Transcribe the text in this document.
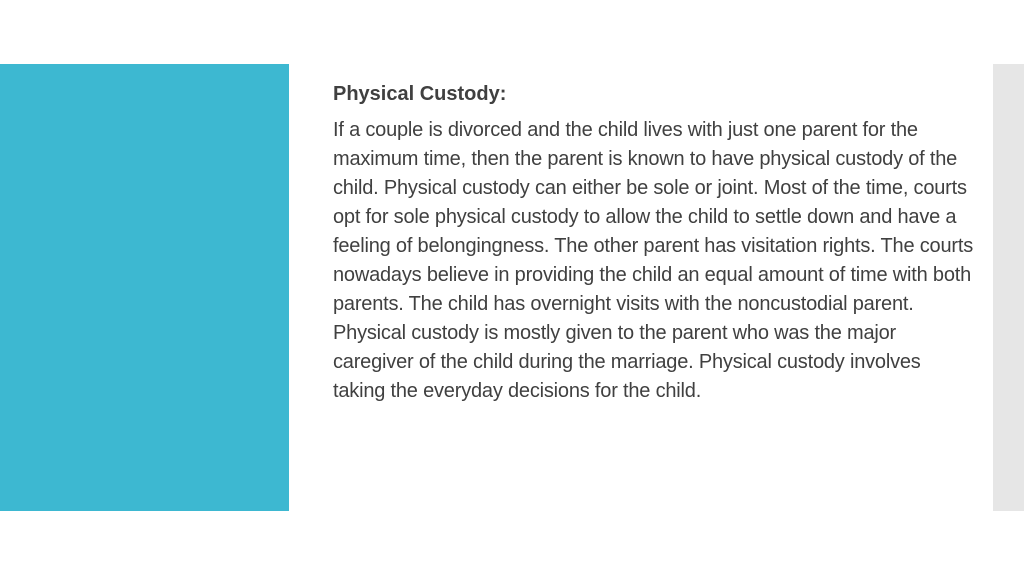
Physical Custody:

If a couple is divorced and the child lives with just one parent for the maximum time, then the parent is known to have physical custody of the child. Physical custody can either be sole or joint. Most of the time, courts opt for sole physical custody to allow the child to settle down and have a feeling of belongingness. The other parent has visitation rights. The courts nowadays believe in providing the child an equal amount of time with both parents. The child has overnight visits with the noncustodial parent. Physical custody is mostly given to the parent who was the major caregiver of the child during the marriage. Physical custody involves taking the everyday decisions for the child.
